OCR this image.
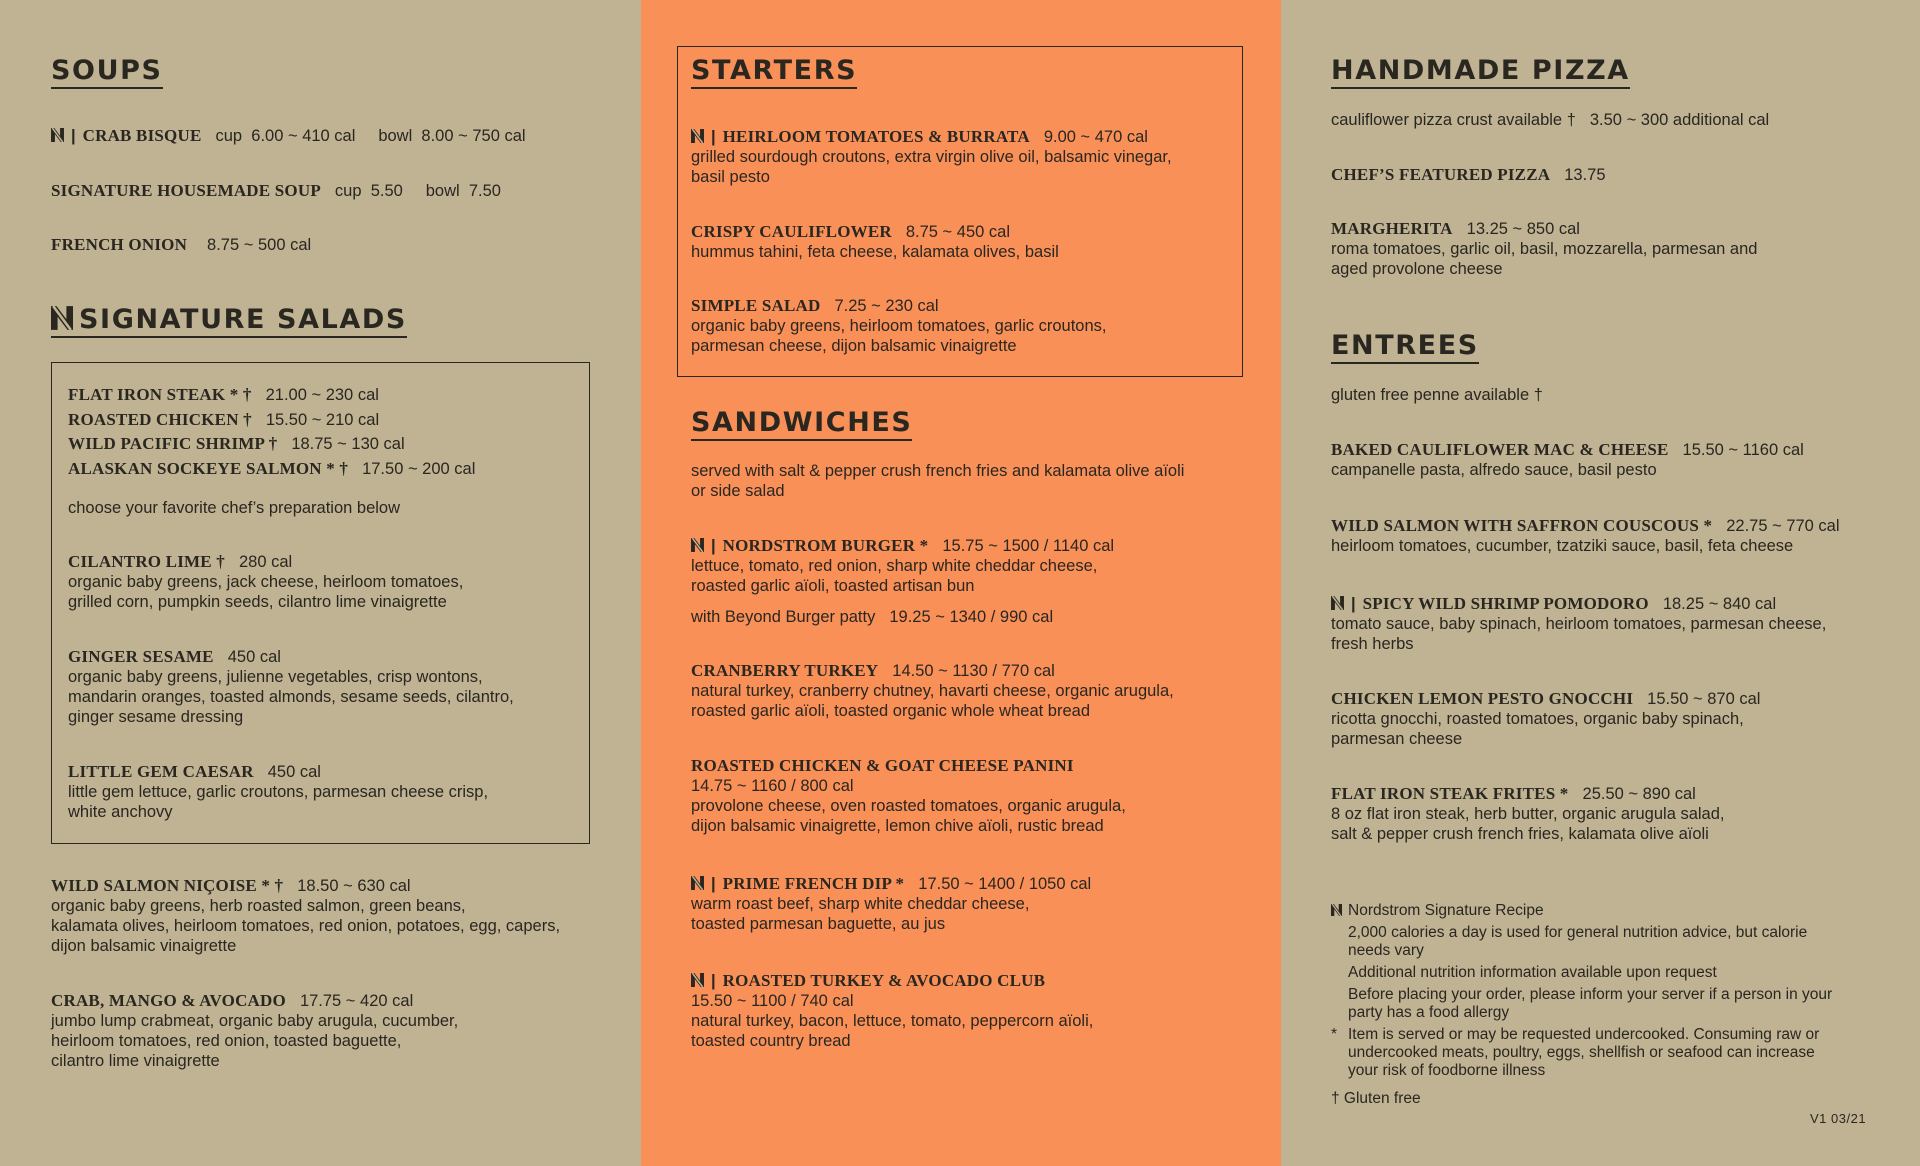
SOUPS
| CRAB BISQUE cup  6.00 ~ 410 cal     bowl  8.00 ~ 750 cal
SIGNATURE HOUSEMADE SOUP cup  5.50     bowl  7.50
FRENCH ONION 8.75 ~ 500 cal
SIGNATURE SALADS
FLAT IRON STEAK * † 21.00 ~ 230 cal
ROASTED CHICKEN † 15.50 ~ 210 cal
WILD PACIFIC SHRIMP † 18.75 ~ 130 cal
ALASKAN SOCKEYE SALMON * † 17.50 ~ 200 cal
choose your favorite chef’s preparation below
CILANTRO LIME † 280 cal
organic baby greens, jack cheese, heirloom tomatoes,
grilled corn, pumpkin seeds, cilantro lime vinaigrette
GINGER SESAME 450 cal
organic baby greens, julienne vegetables, crisp wontons,
mandarin oranges, toasted almonds, sesame seeds, cilantro,
ginger sesame dressing
LITTLE GEM CAESAR 450 cal
little gem lettuce, garlic croutons, parmesan cheese crisp,
white anchovy
WILD SALMON NIÇOISE * † 18.50 ~ 630 cal
organic baby greens, herb roasted salmon, green beans,
kalamata olives, heirloom tomatoes, red onion, potatoes, egg, capers,
dijon balsamic vinaigrette
CRAB, MANGO & AVOCADO 17.75 ~ 420 cal
jumbo lump crabmeat, organic baby arugula, cucumber,
heirloom tomatoes, red onion, toasted baguette,
cilantro lime vinaigrette
STARTERS
| HEIRLOOM TOMATOES & BURRATA 9.00 ~ 470 cal
grilled sourdough croutons, extra virgin olive oil, balsamic vinegar,
basil pesto
CRISPY CAULIFLOWER 8.75 ~ 450 cal
hummus tahini, feta cheese, kalamata olives, basil
SIMPLE SALAD 7.25 ~ 230 cal
organic baby greens, heirloom tomatoes, garlic croutons,
parmesan cheese, dijon balsamic vinaigrette
SANDWICHES
served with salt & pepper crush french fries and kalamata olive aïoli
or side salad
| NORDSTROM BURGER * 15.75 ~ 1500 / 1140 cal
lettuce, tomato, red onion, sharp white cheddar cheese,
roasted garlic aïoli, toasted artisan bun
with Beyond Burger patty 19.25 ~ 1340 / 990 cal
CRANBERRY TURKEY 14.50 ~ 1130 / 770 cal
natural turkey, cranberry chutney, havarti cheese, organic arugula,
roasted garlic aïoli, toasted organic whole wheat bread
ROASTED CHICKEN & GOAT CHEESE PANINI
14.75 ~ 1160 / 800 cal
provolone cheese, oven roasted tomatoes, organic arugula,
dijon balsamic vinaigrette, lemon chive aïoli, rustic bread
| PRIME FRENCH DIP * 17.50 ~ 1400 / 1050 cal
warm roast beef, sharp white cheddar cheese,
toasted parmesan baguette, au jus
| ROASTED TURKEY & AVOCADO CLUB
15.50 ~ 1100 / 740 cal
natural turkey, bacon, lettuce, tomato, peppercorn aïoli,
toasted country bread
HANDMADE PIZZA
cauliflower pizza crust available † 3.50 ~ 300 additional cal
CHEF’S FEATURED PIZZA 13.75
MARGHERITA 13.25 ~ 850 cal
roma tomatoes, garlic oil, basil, mozzarella, parmesan and
aged provolone cheese
ENTREES
gluten free penne available †
BAKED CAULIFLOWER MAC & CHEESE 15.50 ~ 1160 cal
campanelle pasta, alfredo sauce, basil pesto
WILD SALMON WITH SAFFRON COUSCOUS * 22.75 ~ 770 cal
heirloom tomatoes, cucumber, tzatziki sauce, basil, feta cheese
| SPICY WILD SHRIMP POMODORO 18.25 ~ 840 cal
tomato sauce, baby spinach, heirloom tomatoes, parmesan cheese,
fresh herbs
CHICKEN LEMON PESTO GNOCCHI 15.50 ~ 870 cal
ricotta gnocchi, roasted tomatoes, organic baby spinach,
parmesan cheese
FLAT IRON STEAK FRITES * 25.50 ~ 890 cal
8 oz flat iron steak, herb butter, organic arugula salad,
salt & pepper crush french fries, kalamata olive aïoli
Nordstrom Signature Recipe
2,000 calories a day is used for general nutrition advice, but calorie
needs vary
Additional nutrition information available upon request
Before placing your order, please inform your server if a person in your
party has a food allergy
* Item is served or may be requested undercooked. Consuming raw or
undercooked meats, poultry, eggs, shellfish or seafood can increase
your risk of foodborne illness
† Gluten free
V1 03/21
